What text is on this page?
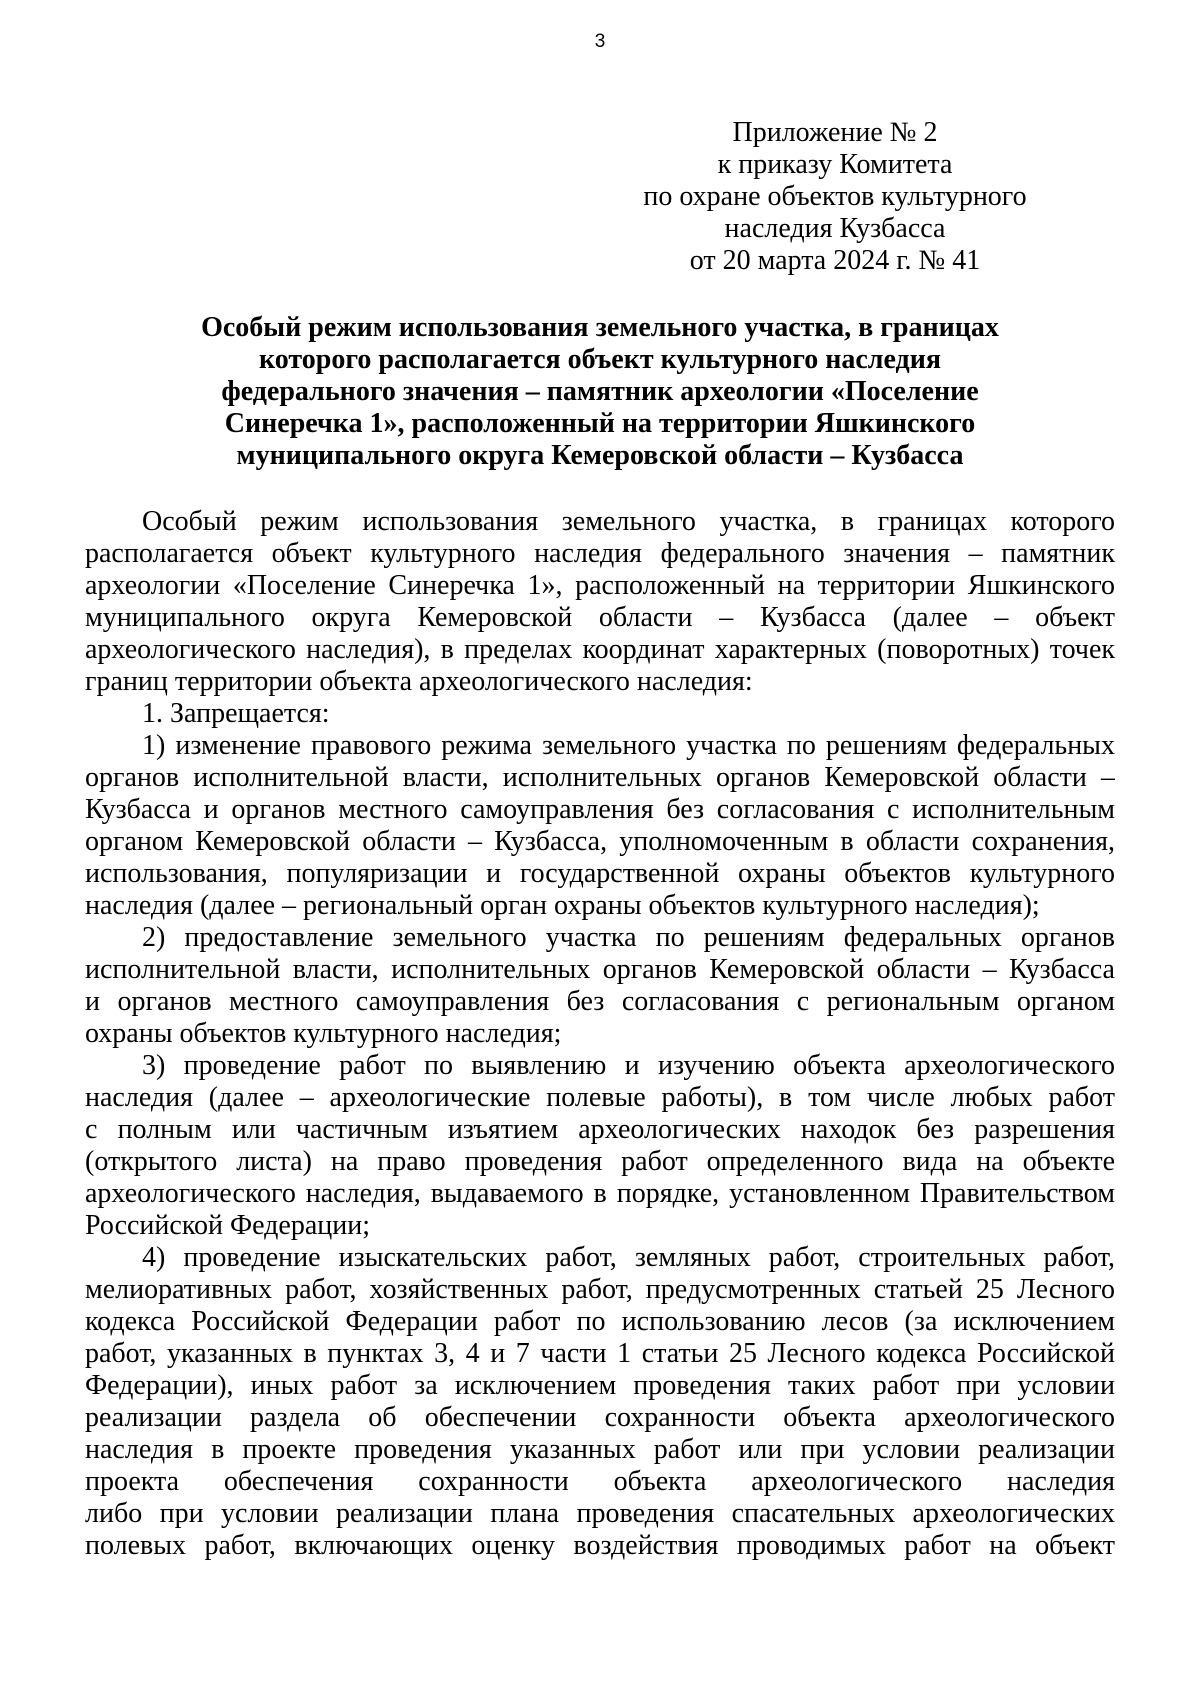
3
Приложение № 2
к приказу Комитета
по охране объектов культурного
наследия Кузбасса
от 20 марта 2024 г. № 41
Особый режим использования земельного участка, в границах
которого располагается объект культурного наследия
федерального значения – памятник археологии «Поселение
Синеречка 1», расположенный на территории Яшкинского
муниципального округа Кемеровской области – Кузбасса
Особый режим использования земельного участка, в границах которого
располагается объект культурного наследия федерального значения – памятник
археологии «Поселение Синеречка 1», расположенный на территории Яшкинского
муниципального округа Кемеровской области – Кузбасса (далее – объект
археологического наследия), в пределах координат характерных (поворотных) точек
границ территории объекта археологического наследия:
1. Запрещается:
1) изменение правового режима земельного участка по решениям федеральных
органов исполнительной власти, исполнительных органов Кемеровской области –
Кузбасса и органов местного самоуправления без согласования с исполнительным
органом Кемеровской области – Кузбасса, уполномоченным в области сохранения,
использования, популяризации и государственной охраны объектов культурного
наследия (далее – региональный орган охраны объектов культурного наследия);
2) предоставление земельного участка по решениям федеральных органов
исполнительной власти, исполнительных органов Кемеровской области – Кузбасса
и органов местного самоуправления без согласования с региональным органом
охраны объектов культурного наследия;
3) проведение работ по выявлению и изучению объекта археологического
наследия (далее – археологические полевые работы), в том числе любых работ
с полным или частичным изъятием археологических находок без разрешения
(открытого листа) на право проведения работ определенного вида на объекте
археологического наследия, выдаваемого в порядке, установленном Правительством
Российской Федерации;
4) проведение изыскательских работ, земляных работ, строительных работ,
мелиоративных работ, хозяйственных работ, предусмотренных статьей 25 Лесного
кодекса Российской Федерации работ по использованию лесов (за исключением
работ, указанных в пунктах 3, 4 и 7 части 1 статьи 25 Лесного кодекса Российской
Федерации), иных работ за исключением проведения таких работ при условии
реализации раздела об обеспечении сохранности объекта археологического
наследия в проекте проведения указанных работ или при условии реализации
проекта обеспечения сохранности объекта археологического наследия
либо при условии реализации плана проведения спасательных археологических
полевых работ, включающих оценку воздействия проводимых работ на объект
